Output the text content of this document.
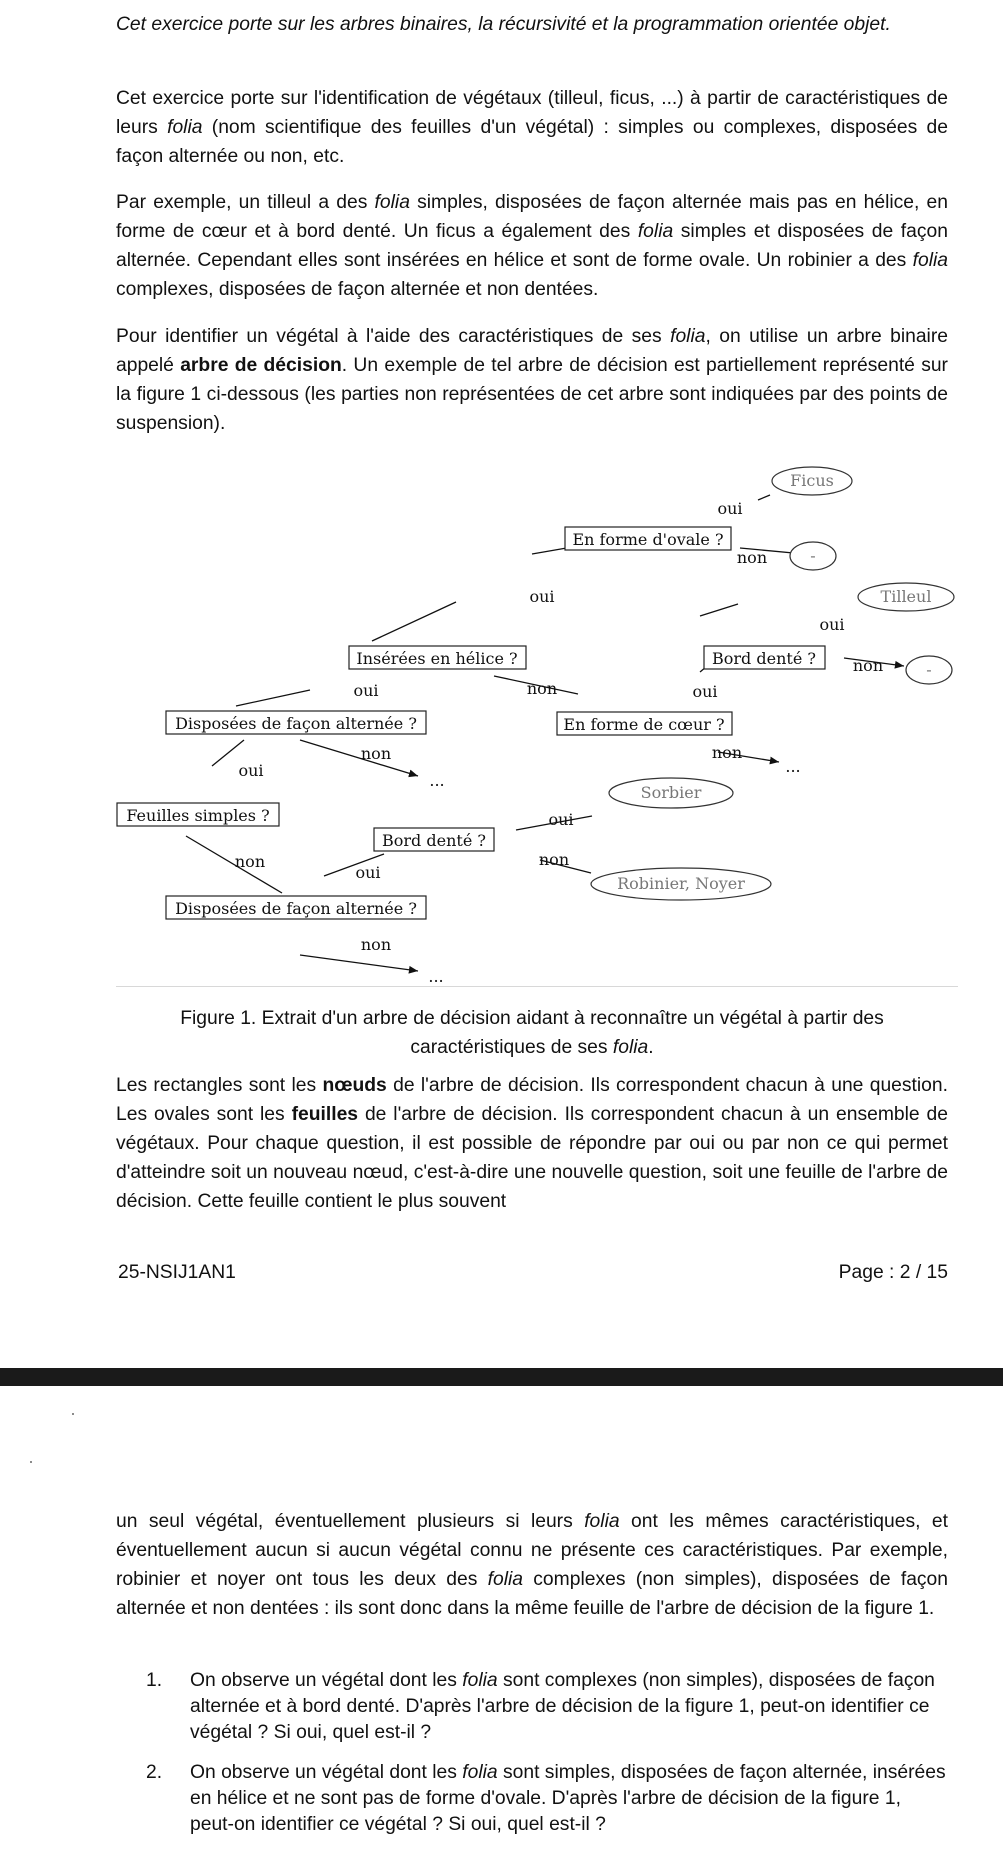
Cet exercice porte sur les arbres binaires, la récursivité et la programmation orientée objet.

Cet exercice porte sur l'identification de végétaux (tilleul, ficus, ...) à partir de caractéristiques de leurs folia (nom scientifique des feuilles d'un végétal) : simples ou complexes, disposées de façon alternée ou non, etc.

Par exemple, un tilleul a des folia simples, disposées de façon alternée mais pas en hélice, en forme de cœur et à bord denté. Un ficus a également des folia simples et disposées de façon alternée. Cependant elles sont insérées en hélice et sont de forme ovale. Un robinier a des folia complexes, disposées de façon alternée et non dentées.

Pour identifier un végétal à l'aide des caractéristiques de ses folia, on utilise un arbre binaire appelé arbre de décision. Un exemple de tel arbre de décision est partiellement représenté sur la figure 1 ci-dessous (les parties non représentées de cet arbre sont indiquées par des points de suspension).

Ficus
-
Tilleul
-
Sorbier
Robinier, Noyer
En forme d'ovale ?
Insérées en hélice ?	Bord denté ?
Disposées de façon alternée ?	En forme de cœur ?
Feuilles simples ?
Bord denté ?
Disposées de façon alternée ?
oui
non
oui
oui
non
oui	non	oui
non	non
oui
...
...
oui
non
oui
non
non
...
Figure 1. Extrait d'un arbre de décision aidant à reconnaître un végétal à partir des caractéristiques de ses folia.

Les rectangles sont les nœuds de l'arbre de décision. Ils correspondent chacun à une question. Les ovales sont les feuilles de l'arbre de décision. Ils correspondent chacun à un ensemble de végétaux. Pour chaque question, il est possible de répondre par oui ou par non ce qui permet d'atteindre soit un nouveau nœud, c'est-à-dire une nouvelle question, soit une feuille de l'arbre de décision. Cette feuille contient le plus souvent

25-NSIJ1AN1	Page : 2 / 15

un seul végétal, éventuellement plusieurs si leurs folia ont les mêmes caractéristiques, et éventuellement aucun si aucun végétal connu ne présente ces caractéristiques. Par exemple, robinier et noyer ont tous les deux des folia complexes (non simples), disposées de façon alternée et non dentées : ils sont donc dans la même feuille de l'arbre de décision de la figure 1.

1. On observe un végétal dont les folia sont complexes (non simples), disposées de façon alternée et à bord denté. D'après l'arbre de décision de la figure 1, peut-on identifier ce végétal ? Si oui, quel est-il ?
2. On observe un végétal dont les folia sont simples, disposées de façon alternée, insérées en hélice et ne sont pas de forme d'ovale. D'après l'arbre de décision de la figure 1, peut-on identifier ce végétal ? Si oui, quel est-il ?
